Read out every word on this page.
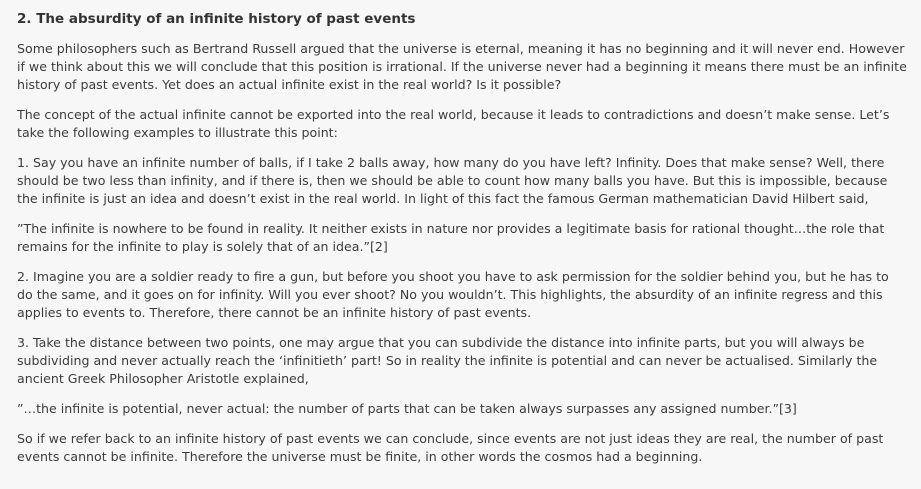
2. The absurdity of an infinite history of past events

Some philosophers such as Bertrand Russell argued that the universe is eternal, meaning it has no beginning and it will never end. However if we think about this we will conclude that this position is irrational. If the universe never had a beginning it means there must be an infinite history of past events. Yet does an actual infinite exist in the real world? Is it possible?

The concept of the actual infinite cannot be exported into the real world, because it leads to contradictions and doesn’t make sense. Let’s take the following examples to illustrate this point:

1. Say you have an infinite number of balls, if I take 2 balls away, how many do you have left? Infinity. Does that make sense? Well, there should be two less than infinity, and if there is, then we should be able to count how many balls you have. But this is impossible, because the infinite is just an idea and doesn’t exist in the real world. In light of this fact the famous German mathematician David Hilbert said,

”The infinite is nowhere to be found in reality. It neither exists in nature nor provides a legitimate basis for rational thought…the role that remains for the infinite to play is solely that of an idea.”[2]

2. Imagine you are a soldier ready to fire a gun, but before you shoot you have to ask permission for the soldier behind you, but he has to do the same, and it goes on for infinity. Will you ever shoot? No you wouldn’t. This highlights, the absurdity of an infinite regress and this applies to events to. Therefore, there cannot be an infinite history of past events.

3. Take the distance between two points, one may argue that you can subdivide the distance into infinite parts, but you will always be subdividing and never actually reach the ‘infinitieth’ part! So in reality the infinite is potential and can never be actualised. Similarly the ancient Greek Philosopher Aristotle explained,

”…the infinite is potential, never actual: the number of parts that can be taken always surpasses any assigned number.”[3]

So if we refer back to an infinite history of past events we can conclude, since events are not just ideas they are real, the number of past events cannot be infinite. Therefore the universe must be finite, in other words the cosmos had a beginning.
